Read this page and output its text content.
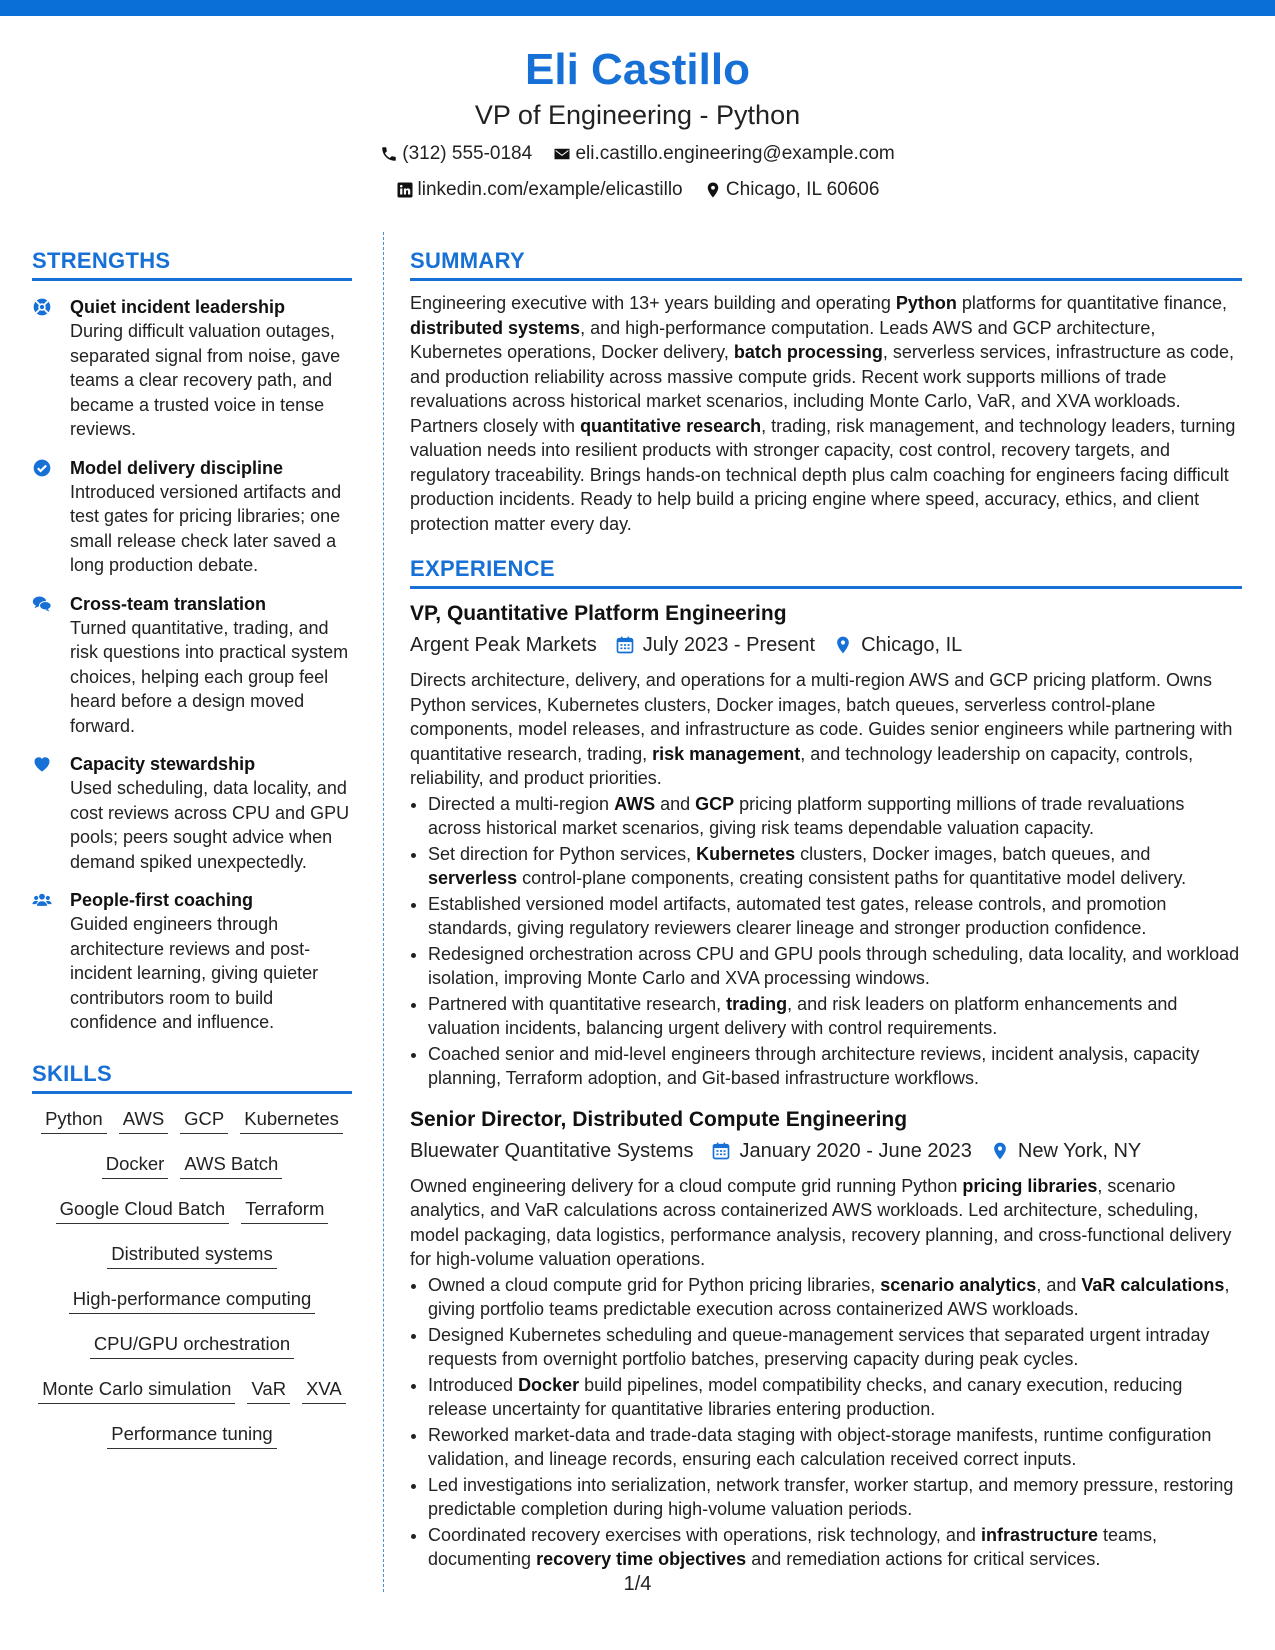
Eli Castillo
VP of Engineering - Python
(312) 555-0184
eli.castillo.engineering@example.com
linkedin.com/example/elicastillo
Chicago, IL 60606
STRENGTHS
Quiet incident leadership
During difficult valuation outages, separated signal from noise, gave teams a clear recovery path, and became a trusted voice in tense reviews.
Model delivery discipline
Introduced versioned artifacts and test gates for pricing libraries; one small release check later saved a long production debate.
Cross-team translation
Turned quantitative, trading, and risk questions into practical system choices, helping each group feel heard before a design moved forward.
Capacity stewardship
Used scheduling, data locality, and cost reviews across CPU and GPU pools; peers sought advice when demand spiked unexpectedly.
People-first coaching
Guided engineers through architecture reviews and post-incident learning, giving quieter contributors room to build confidence and influence.
SKILLS
Python AWS GCP Kubernetes
Docker AWS Batch
Google Cloud Batch Terraform
Distributed systems
High-performance computing
CPU/GPU orchestration
Monte Carlo simulation VaR XVA
Performance tuning
SUMMARY
Engineering executive with 13+ years building and operating Python platforms for quantitative finance, distributed systems, and high-performance computation. Leads AWS and GCP architecture, Kubernetes operations, Docker delivery, batch processing, serverless services, infrastructure as code, and production reliability across massive compute grids. Recent work supports millions of trade revaluations across historical market scenarios, including Monte Carlo, VaR, and XVA workloads. Partners closely with quantitative research, trading, risk management, and technology leaders, turning valuation needs into resilient products with stronger capacity, cost control, recovery targets, and regulatory traceability. Brings hands-on technical depth plus calm coaching for engineers facing difficult production incidents. Ready to help build a pricing engine where speed, accuracy, ethics, and client protection matter every day.
EXPERIENCE
VP, Quantitative Platform Engineering
Argent Peak Markets July 2023 - Present Chicago, IL
Directs architecture, delivery, and operations for a multi-region AWS and GCP pricing platform. Owns Python services, Kubernetes clusters, Docker images, batch queues, serverless control-plane components, model releases, and infrastructure as code. Guides senior engineers while partnering with quantitative research, trading, risk management, and technology leadership on capacity, controls, reliability, and product priorities.
• Directed a multi-region AWS and GCP pricing platform supporting millions of trade revaluations across historical market scenarios, giving risk teams dependable valuation capacity.
• Set direction for Python services, Kubernetes clusters, Docker images, batch queues, and serverless control-plane components, creating consistent paths for quantitative model delivery.
• Established versioned model artifacts, automated test gates, release controls, and promotion standards, giving regulatory reviewers clearer lineage and stronger production confidence.
• Redesigned orchestration across CPU and GPU pools through scheduling, data locality, and workload isolation, improving Monte Carlo and XVA processing windows.
• Partnered with quantitative research, trading, and risk leaders on platform enhancements and valuation incidents, balancing urgent delivery with control requirements.
• Coached senior and mid-level engineers through architecture reviews, incident analysis, capacity planning, Terraform adoption, and Git-based infrastructure workflows.
Senior Director, Distributed Compute Engineering
Bluewater Quantitative Systems January 2020 - June 2023 New York, NY
Owned engineering delivery for a cloud compute grid running Python pricing libraries, scenario analytics, and VaR calculations across containerized AWS workloads. Led architecture, scheduling, model packaging, data logistics, performance analysis, recovery planning, and cross-functional delivery for high-volume valuation operations.
• Owned a cloud compute grid for Python pricing libraries, scenario analytics, and VaR calculations, giving portfolio teams predictable execution across containerized AWS workloads.
• Designed Kubernetes scheduling and queue-management services that separated urgent intraday requests from overnight portfolio batches, preserving capacity during peak cycles.
• Introduced Docker build pipelines, model compatibility checks, and canary execution, reducing release uncertainty for quantitative libraries entering production.
• Reworked market-data and trade-data staging with object-storage manifests, runtime configuration validation, and lineage records, ensuring each calculation received correct inputs.
• Led investigations into serialization, network transfer, worker startup, and memory pressure, restoring predictable completion during high-volume valuation periods.
• Coordinated recovery exercises with operations, risk technology, and infrastructure teams, documenting recovery time objectives and remediation actions for critical services.
1/4
